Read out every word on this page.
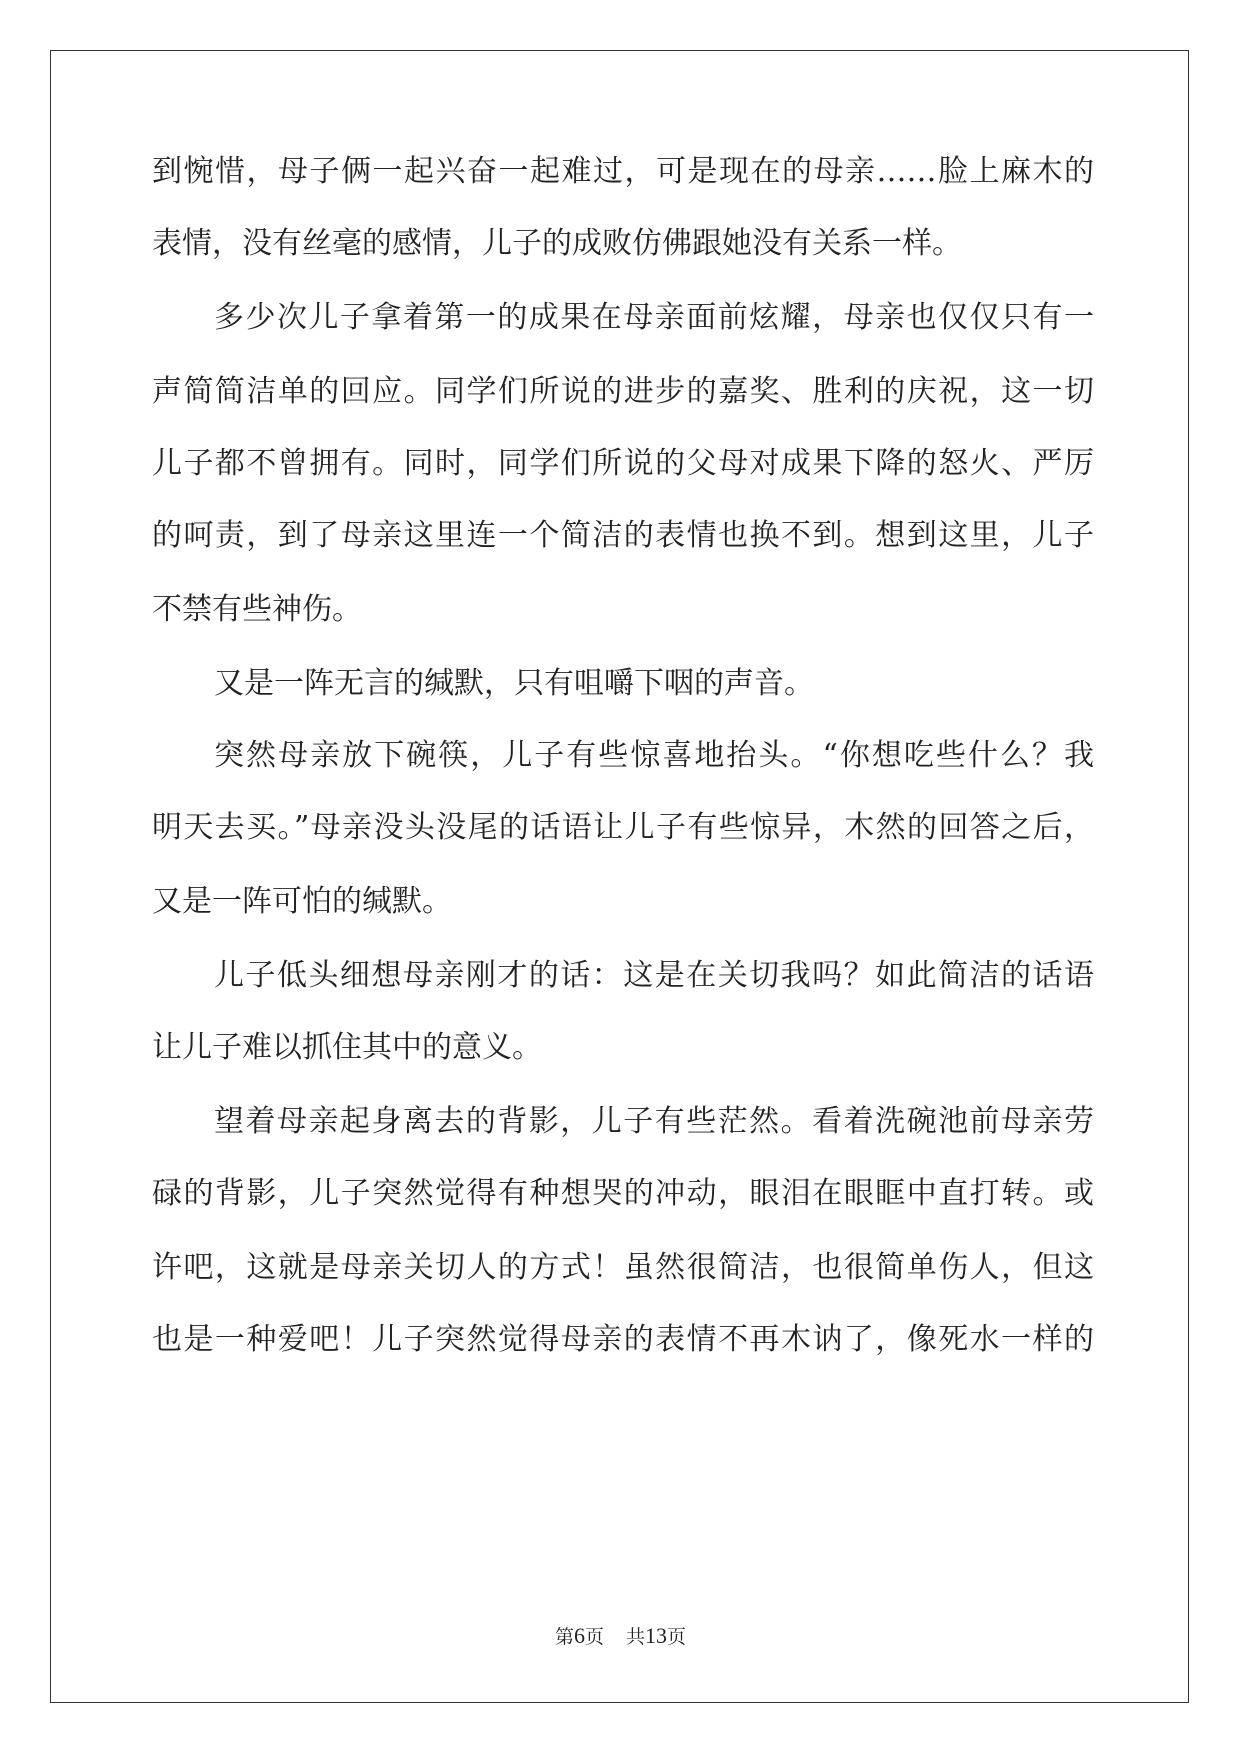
到惋惜，母子俩一起兴奋一起难过，可是现在的母亲……脸上麻木的
表情，没有丝毫的感情，儿子的成败仿佛跟她没有关系一样。
多少次儿子拿着第一的成果在母亲面前炫耀，母亲也仅仅只有一
声简简洁单的回应。同学们所说的进步的嘉奖、胜利的庆祝，这一切
儿子都不曾拥有。同时，同学们所说的父母对成果下降的怒火、严厉
的呵责，到了母亲这里连一个简洁的表情也换不到。想到这里，儿子
不禁有些神伤。
又是一阵无言的缄默，只有咀嚼下咽的声音。
突然母亲放下碗筷，儿子有些惊喜地抬头。“你想吃些什么？我
明天去买。”母亲没头没尾的话语让儿子有些惊异，木然的回答之后，
又是一阵可怕的缄默。
儿子低头细想母亲刚才的话：这是在关切我吗？如此简洁的话语
让儿子难以抓住其中的意义。
望着母亲起身离去的背影，儿子有些茫然。看着洗碗池前母亲劳
碌的背影，儿子突然觉得有种想哭的冲动，眼泪在眼眶中直打转。或
许吧，这就是母亲关切人的方式！虽然很简洁，也很简单伤人，但这
也是一种爱吧！儿子突然觉得母亲的表情不再木讷了，像死水一样的
第6页 共13页
